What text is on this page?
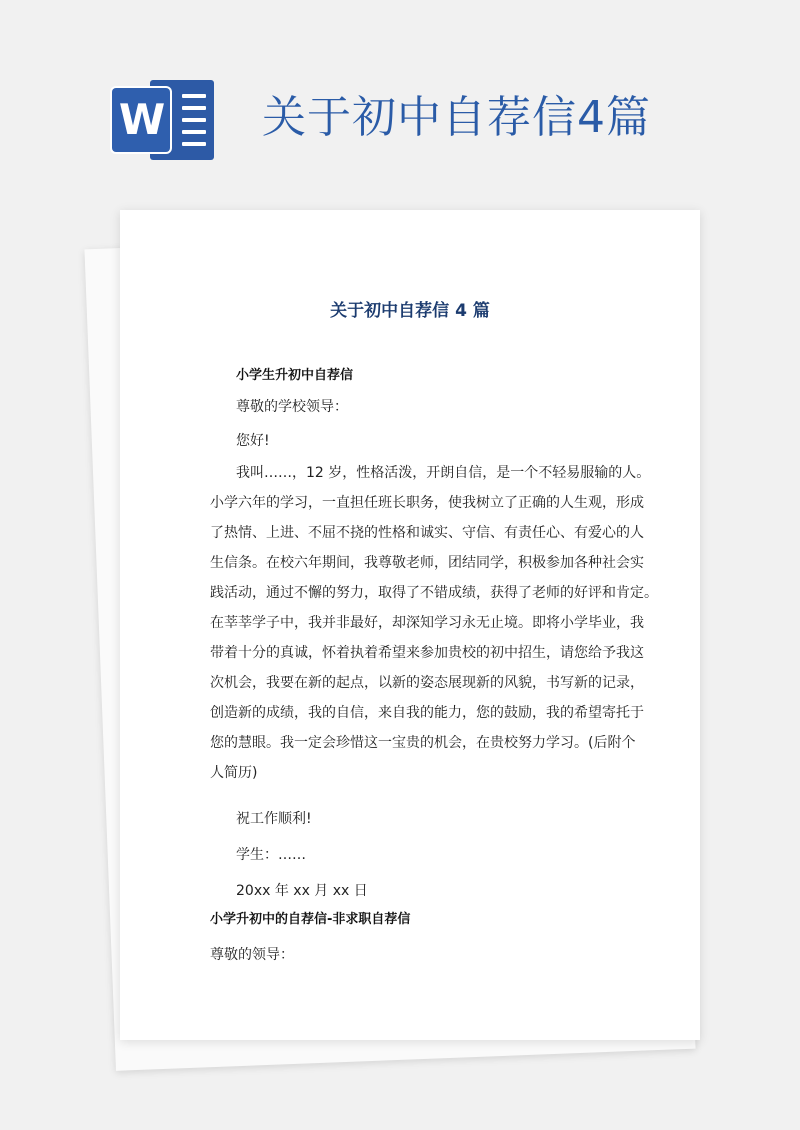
W 关于初中自荐信4篇
关于初中自荐信 4 篇
小学生升初中自荐信
尊敬的学校领导：
您好!
我叫……，12 岁，性格活泼，开朗自信，是一个不轻易服输的人。
小学六年的学习，一直担任班长职务，使我树立了正确的人生观，形成
了热情、上进、不屈不挠的性格和诚实、守信、有责任心、有爱心的人
生信条。在校六年期间，我尊敬老师，团结同学，积极参加各种社会实
践活动，通过不懈的努力，取得了不错成绩，获得了老师的好评和肯定。
在莘莘学子中，我并非最好，却深知学习永无止境。即将小学毕业，我
带着十分的真诚，怀着执着希望来参加贵校的初中招生，请您给予我这
次机会，我要在新的起点，以新的姿态展现新的风貌，书写新的记录，
创造新的成绩，我的自信，来自我的能力，您的鼓励，我的希望寄托于
您的慧眼。我一定会珍惜这一宝贵的机会，在贵校努力学习。(后附个
人简历)
祝工作顺利!
学生：……
20xx 年 xx 月 xx 日
小学升初中的自荐信-非求职自荐信
尊敬的领导：
